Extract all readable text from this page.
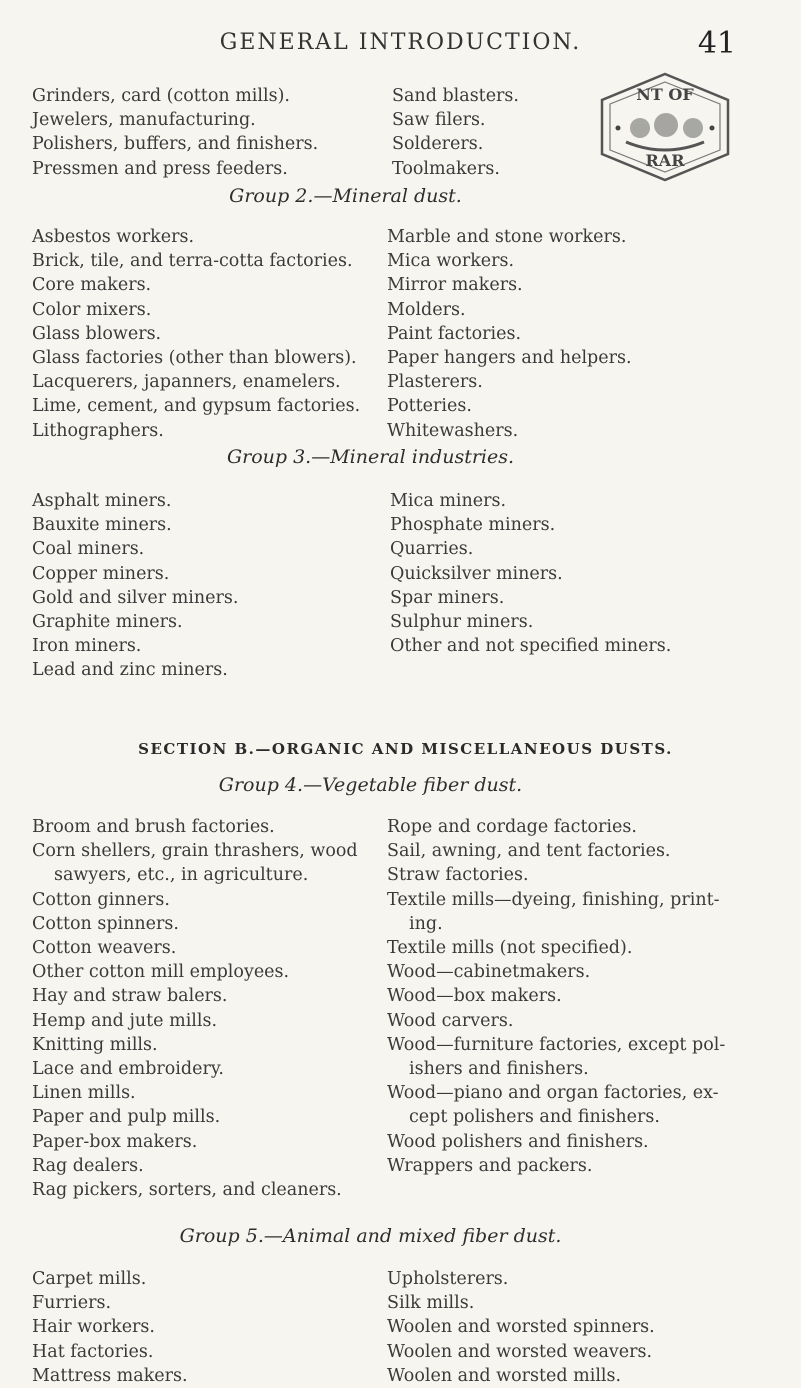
GENERAL INTRODUCTION.	41
Grinders, card (cotton mills).
Jewelers, manufacturing.
Polishers, buffers, and finishers.
Pressmen and press feeders.
Sand blasters.
Saw filers.
Solderers.
Toolmakers.
NT OF
RAR
Group 2.—Mineral dust.
Asbestos workers.
Brick, tile, and terra-cotta factories.
Core makers.
Color mixers.
Glass blowers.
Glass factories (other than blowers).
Lacquerers, japanners, enamelers.
Lime, cement, and gypsum factories.
Lithographers.
Marble and stone workers.
Mica workers.
Mirror makers.
Molders.
Paint factories.
Paper hangers and helpers.
Plasterers.
Potteries.
Whitewashers.
Group 3.—Mineral industries.
Asphalt miners.
Bauxite miners.
Coal miners.
Copper miners.
Gold and silver miners.
Graphite miners.
Iron miners.
Lead and zinc miners.
Mica miners.
Phosphate miners.
Quarries.
Quicksilver miners.
Spar miners.
Sulphur miners.
Other and not specified miners.
SECTION B.—ORGANIC AND MISCELLANEOUS DUSTS.
Group 4.—Vegetable fiber dust.
Broom and brush factories.
Corn shellers, grain thrashers, wood
sawyers, etc., in agriculture.
Cotton ginners.
Cotton spinners.
Cotton weavers.
Other cotton mill employees.
Hay and straw balers.
Hemp and jute mills.
Knitting mills.
Lace and embroidery.
Linen mills.
Paper and pulp mills.
Paper-box makers.
Rag dealers.
Rag pickers, sorters, and cleaners.
Rope and cordage factories.
Sail, awning, and tent factories.
Straw factories.
Textile mills—dyeing, finishing, print-
ing.
Textile mills (not specified).
Wood—cabinetmakers.
Wood—box makers.
Wood carvers.
Wood—furniture factories, except pol-
ishers and finishers.
Wood—piano and organ factories, ex-
cept polishers and finishers.
Wood polishers and finishers.
Wrappers and packers.
Group 5.—Animal and mixed fiber dust.
Carpet mills.
Furriers.
Hair workers.
Hat factories.
Mattress makers.
Upholsterers.
Silk mills.
Woolen and worsted spinners.
Woolen and worsted weavers.
Woolen and worsted mills.
